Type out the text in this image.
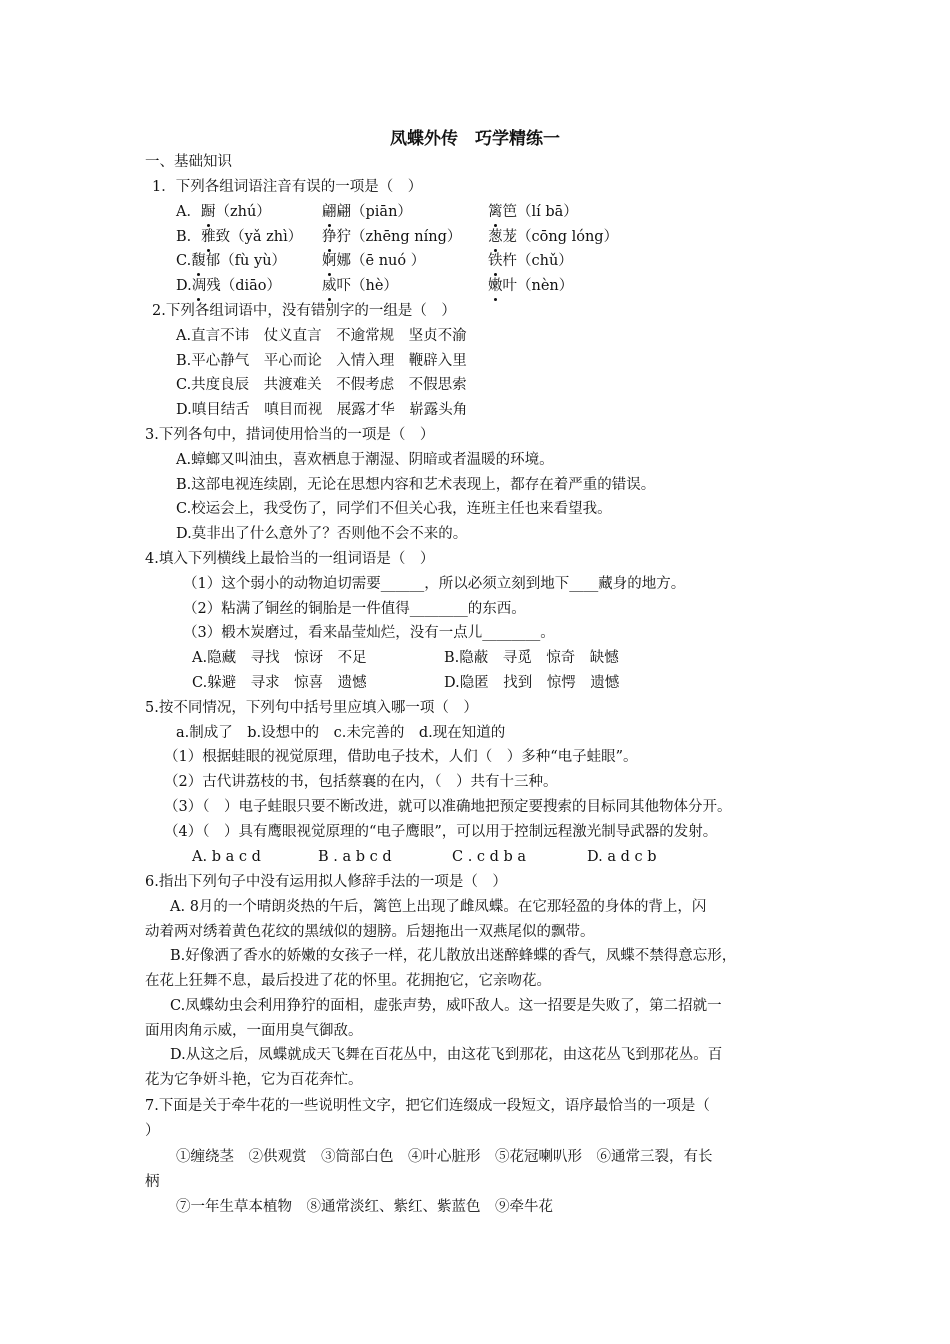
凤蝶外传　巧学精练一
一、基础知识
1．下列各组词语注音有误的一项是（　）
A．蹰（zhú）	翩翩（piān）	篱笆（lí bā）
B．雅致（yǎ zhì） 狰狞（zhēng níng） 葱茏（cōng lóng）
C.馥郁（fù yù） 婀娜（ē nuó ）	铁杵（chǔ）
D.凋残（diāo）	威吓（hè）	嫩叶（nèn）
2.下列各组词语中，没有错别字的一组是（　）
A.直言不讳　仗义直言　不逾常规　坚贞不渝
B.平心静气　平心而论　入情入理　鞭辟入里
C.共度良辰　共渡难关　不假考虑　不假思索
D.嗔目结舌　嗔目而视　展露才华　崭露头角
3.下列各句中，措词使用恰当的一项是（　）
A.蟑螂又叫油虫，喜欢栖息于潮湿、阴暗或者温暖的环境。
B.这部电视连续剧，无论在思想内容和艺术表现上，都存在着严重的错误。
C.校运会上，我受伤了，同学们不但关心我，连班主任也来看望我。
D.莫非出了什么意外了？否则他不会不来的。
4.填入下列横线上最恰当的一组词语是（　）
（1）这个弱小的动物迫切需要______，所以必须立刻到地下____藏身的地方。
（2）粘满了铜丝的铜胎是一件值得________的东西。
（3）椴木炭磨过，看来晶莹灿烂，没有一点儿________。
A.隐藏　寻找　惊讶　不足	B.隐蔽　寻觅　惊奇　缺憾
C.躲避　寻求　惊喜　遗憾	D.隐匿　找到　惊愕　遗憾
5.按不同情况，下列句中括号里应填入哪一项（　）
a.制成了　b.设想中的　c.未完善的　d.现在知道的
（1）根据蛙眼的视觉原理，借助电子技术，人们（　）多种“电子蛙眼”。
（2）古代讲荔枝的书，包括蔡襄的在内，（　）共有十三种。
（3）（　）电子蛙眼只要不断改进，就可以准确地把预定要搜索的目标同其他物体分开。
（4）（　）具有鹰眼视觉原理的“电子鹰眼”，可以用于控制远程激光制导武器的发射。
A. b a c d	B . a b c d	C . c d b a	D. a d c b
6.指出下列句子中没有运用拟人修辞手法的一项是（　）
A. 8月的一个晴朗炎热的午后，篱笆上出现了雌凤蝶。在它那轻盈的身体的背上，闪
动着两对绣着黄色花纹的黑绒似的翅膀。后翅拖出一双燕尾似的飘带。
B.好像洒了香水的娇嫩的女孩子一样，花儿散放出迷醉蜂蝶的香气，凤蝶不禁得意忘形，
在花上狂舞不息，最后投进了花的怀里。花拥抱它，它亲吻花。
C.凤蝶幼虫会利用狰狞的面相，虚张声势，威吓敌人。这一招要是失败了，第二招就一
面用肉角示威，一面用臭气御敌。
D.从这之后，凤蝶就成天飞舞在百花丛中，由这花飞到那花，由这花丛飞到那花丛。百
花为它争妍斗艳，它为百花奔忙。
7.下面是关于牵牛花的一些说明性文字，把它们连缀成一段短文，语序最恰当的一项是（
）
①缠绕茎　②供观赏　③筒部白色　④叶心脏形　⑤花冠喇叭形　⑥通常三裂，有长
柄
⑦一年生草本植物　⑧通常淡红、紫红、紫蓝色　⑨牵牛花
